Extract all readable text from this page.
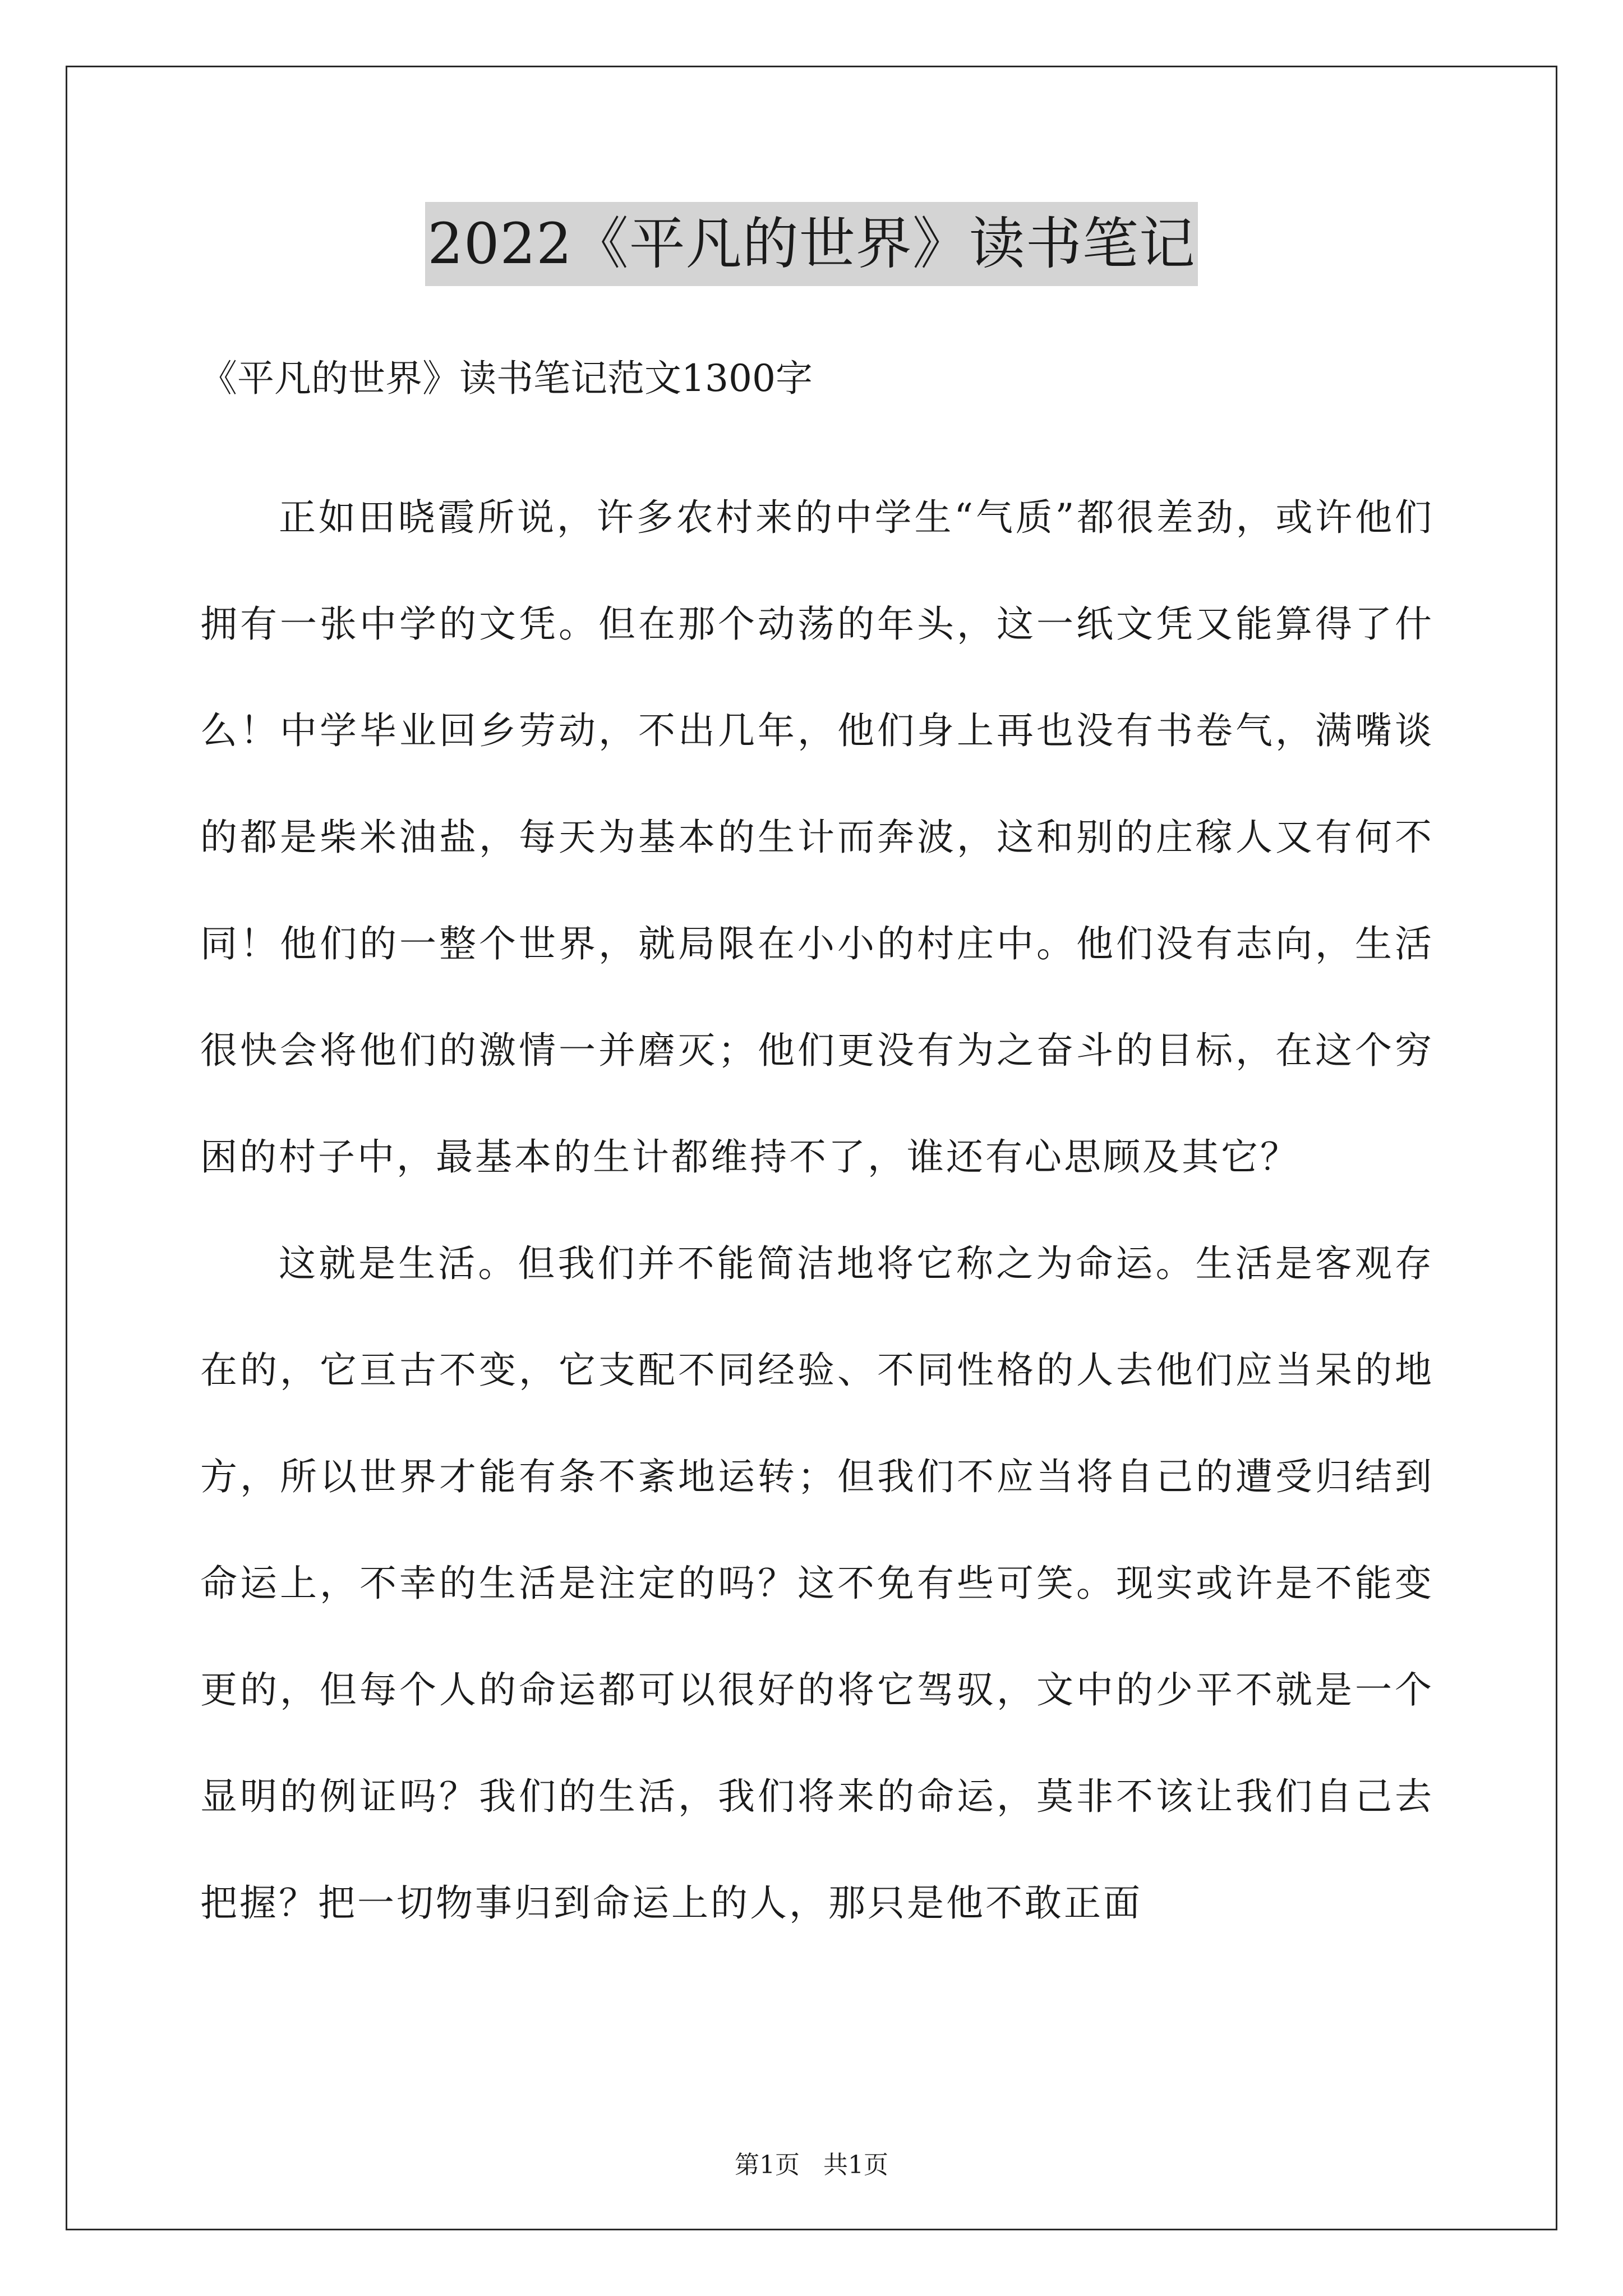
2022《平凡的世界》读书笔记
《平凡的世界》读书笔记范文1300字

正如田晓霞所说，许多农村来的中学生“气质”都很差劲，或许他们拥有一张中学的文凭。但在那个动荡的年头，这一纸文凭又能算得了什么！中学毕业回乡劳动，不出几年，他们身上再也没有书卷气，满嘴谈的都是柴米油盐，每天为基本的生计而奔波，这和别的庄稼人又有何不同！他们的一整个世界，就局限在小小的村庄中。他们没有志向，生活很快会将他们的激情一并磨灭；他们更没有为之奋斗的目标，在这个穷困的村子中，最基本的生计都维持不了，谁还有心思顾及其它？

这就是生活。但我们并不能简洁地将它称之为命运。生活是客观存在的，它亘古不变，它支配不同经验、不同性格的人去他们应当呆的地方，所以世界才能有条不紊地运转；但我们不应当将自己的遭受归结到命运上，不幸的生活是注定的吗？这不免有些可笑。现实或许是不能变更的，但每个人的命运都可以很好的将它驾驭，文中的少平不就是一个显明的例证吗？我们的生活，我们将来的命运，莫非不该让我们自己去把握？把一切物事归到命运上的人，那只是他不敢正面

第1页   共1页
